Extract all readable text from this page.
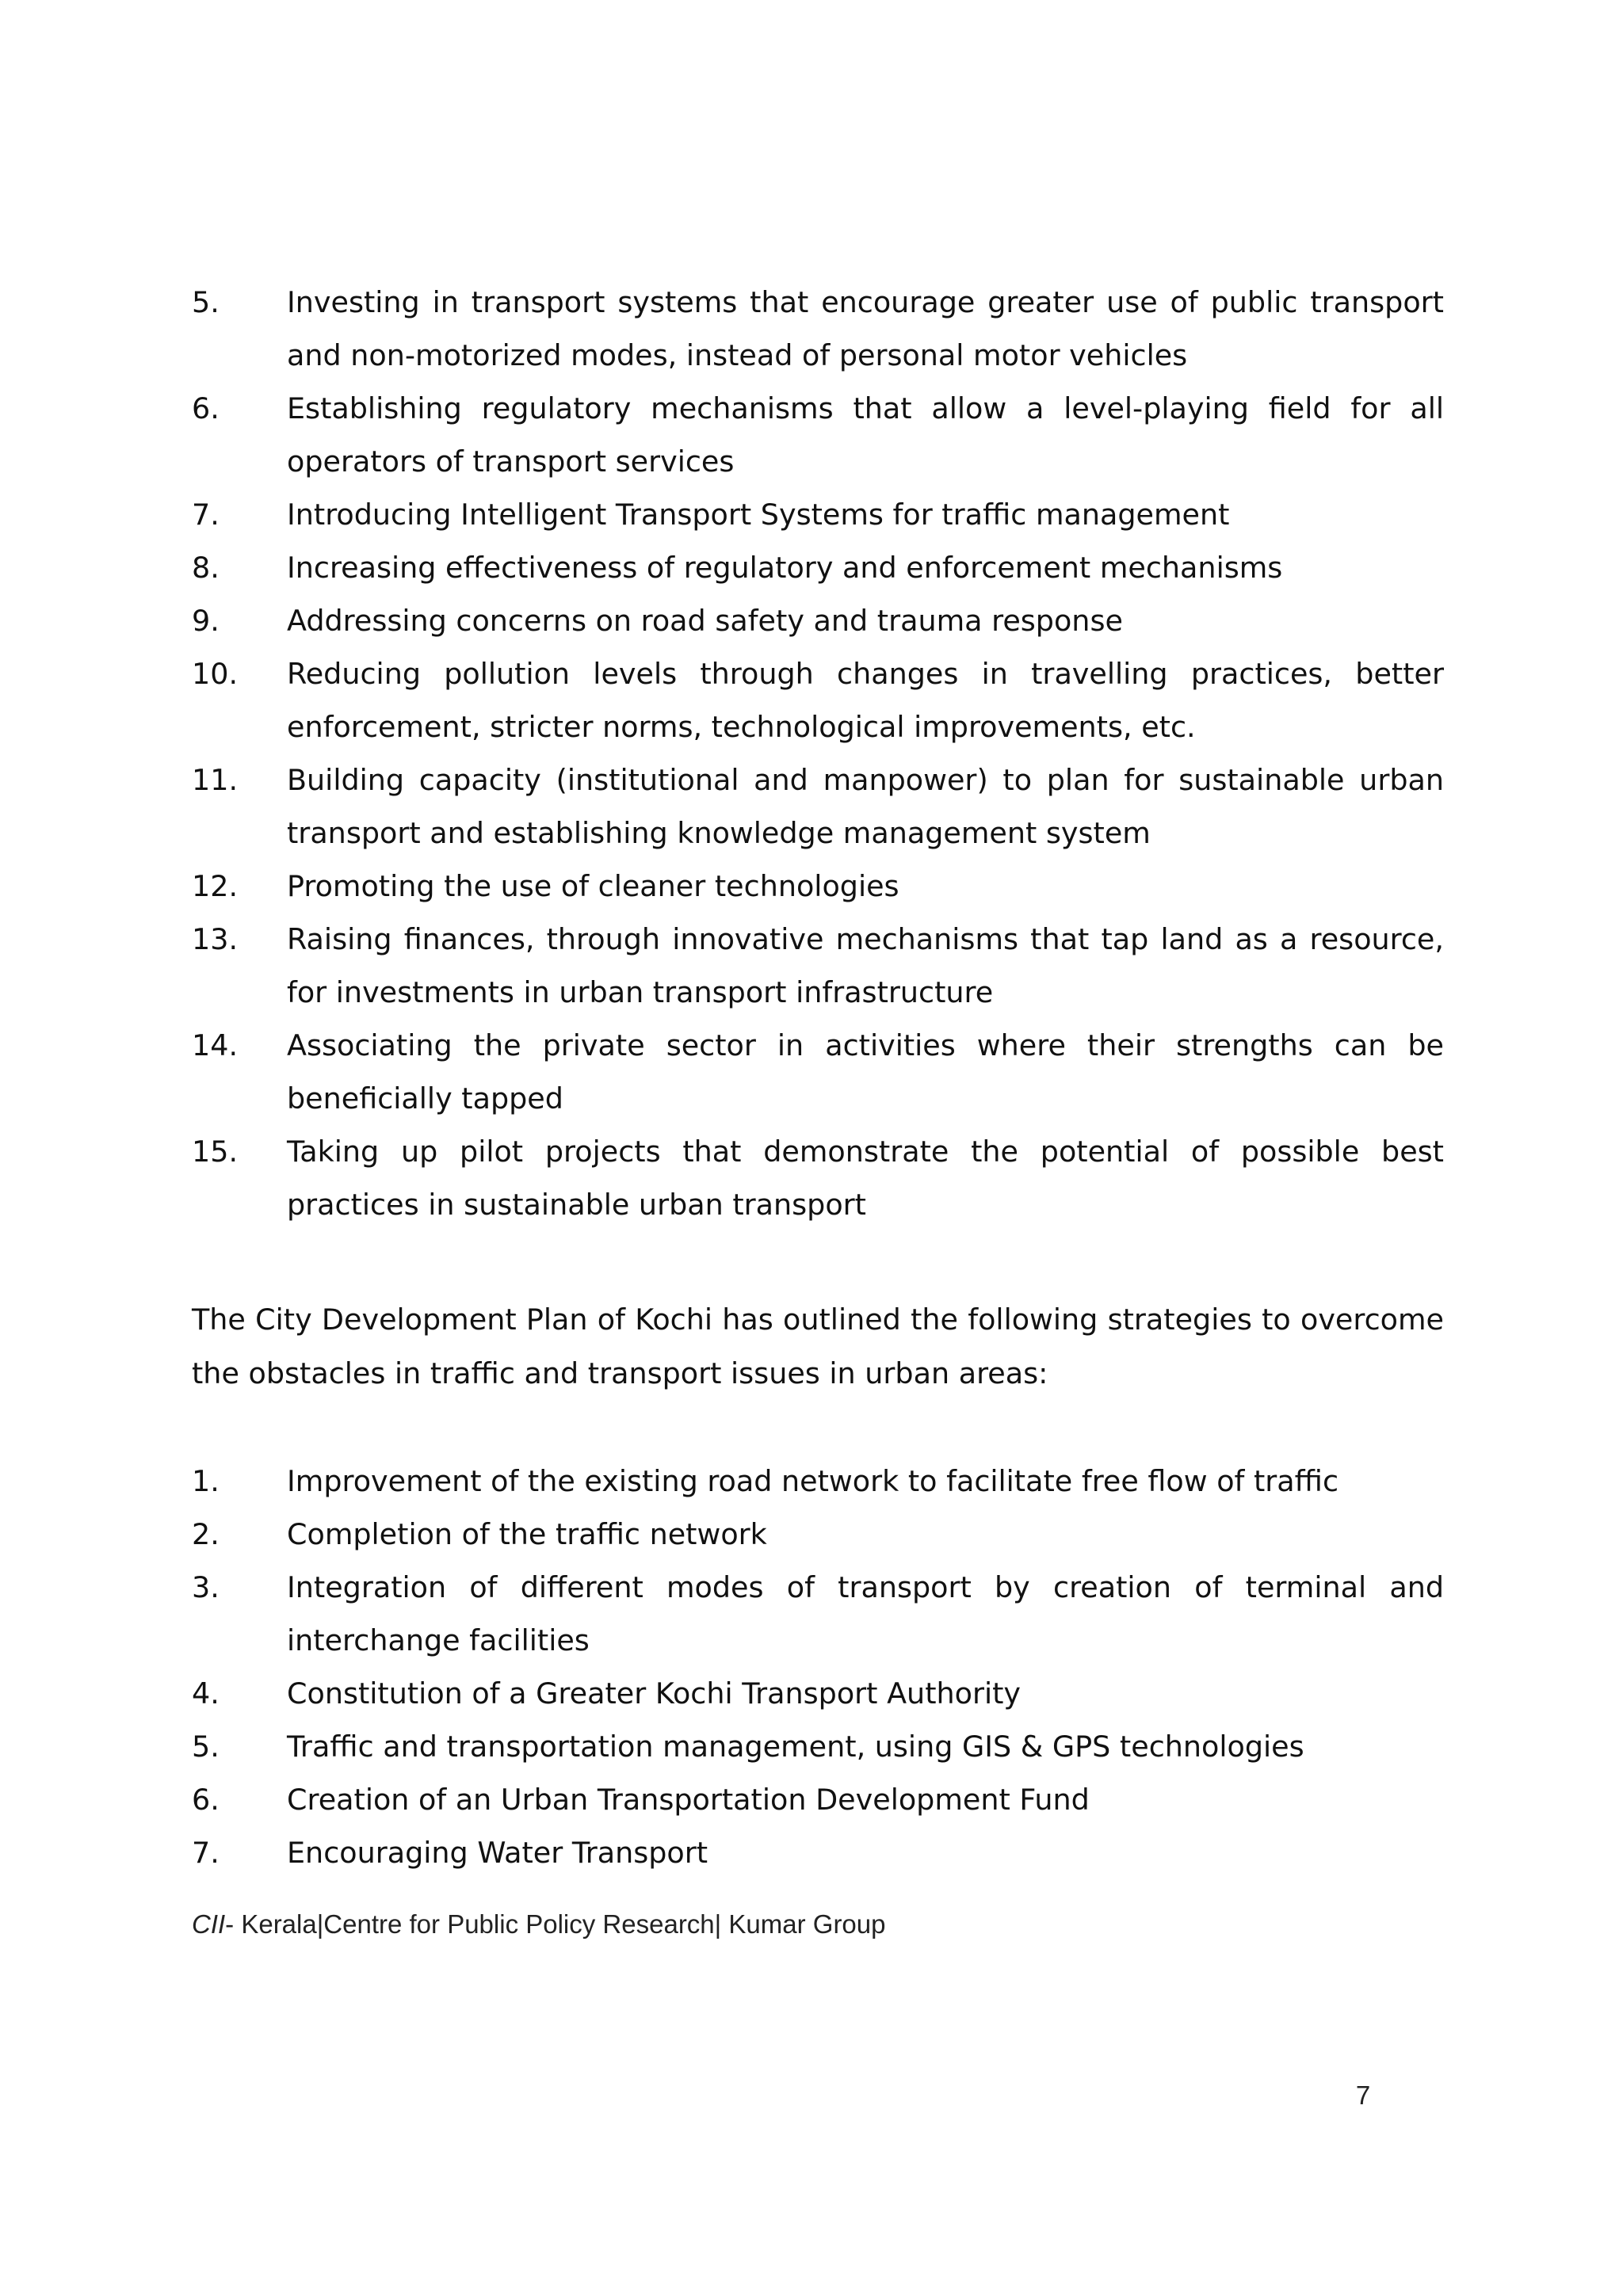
5.	Investing in transport systems that encourage greater use of public transport and non-motorized modes, instead of personal motor vehicles
6.	Establishing regulatory mechanisms that allow a level-playing field for all operators of transport services
7.	Introducing Intelligent Transport Systems for traffic management
8.	Increasing effectiveness of regulatory and enforcement mechanisms
9.	Addressing concerns on road safety and trauma response
10.	Reducing pollution levels through changes in travelling practices, better enforcement, stricter norms, technological improvements, etc.
11.	Building capacity (institutional and manpower) to plan for sustainable urban transport and establishing knowledge management system
12.	Promoting the use of cleaner technologies
13.	Raising finances, through innovative mechanisms that tap land as a resource, for investments in urban transport infrastructure
14.	Associating the private sector in activities where their strengths can be beneficially tapped
15.	Taking up pilot projects that demonstrate the potential of possible best practices in sustainable urban transport

The City Development Plan of Kochi has outlined the following strategies to overcome the obstacles in traffic and transport issues in urban areas:

1.	Improvement of the existing road network to facilitate free flow of traffic
2.	Completion of the traffic network
3.	Integration of different modes of transport by creation of terminal and interchange facilities
4.	Constitution of a Greater Kochi Transport Authority
5.	Traffic and transportation management, using GIS & GPS technologies
6.	Creation of an Urban Transportation Development Fund
7.	Encouraging Water Transport
CII- Kerala|Centre for Public Policy Research| Kumar Group
7
